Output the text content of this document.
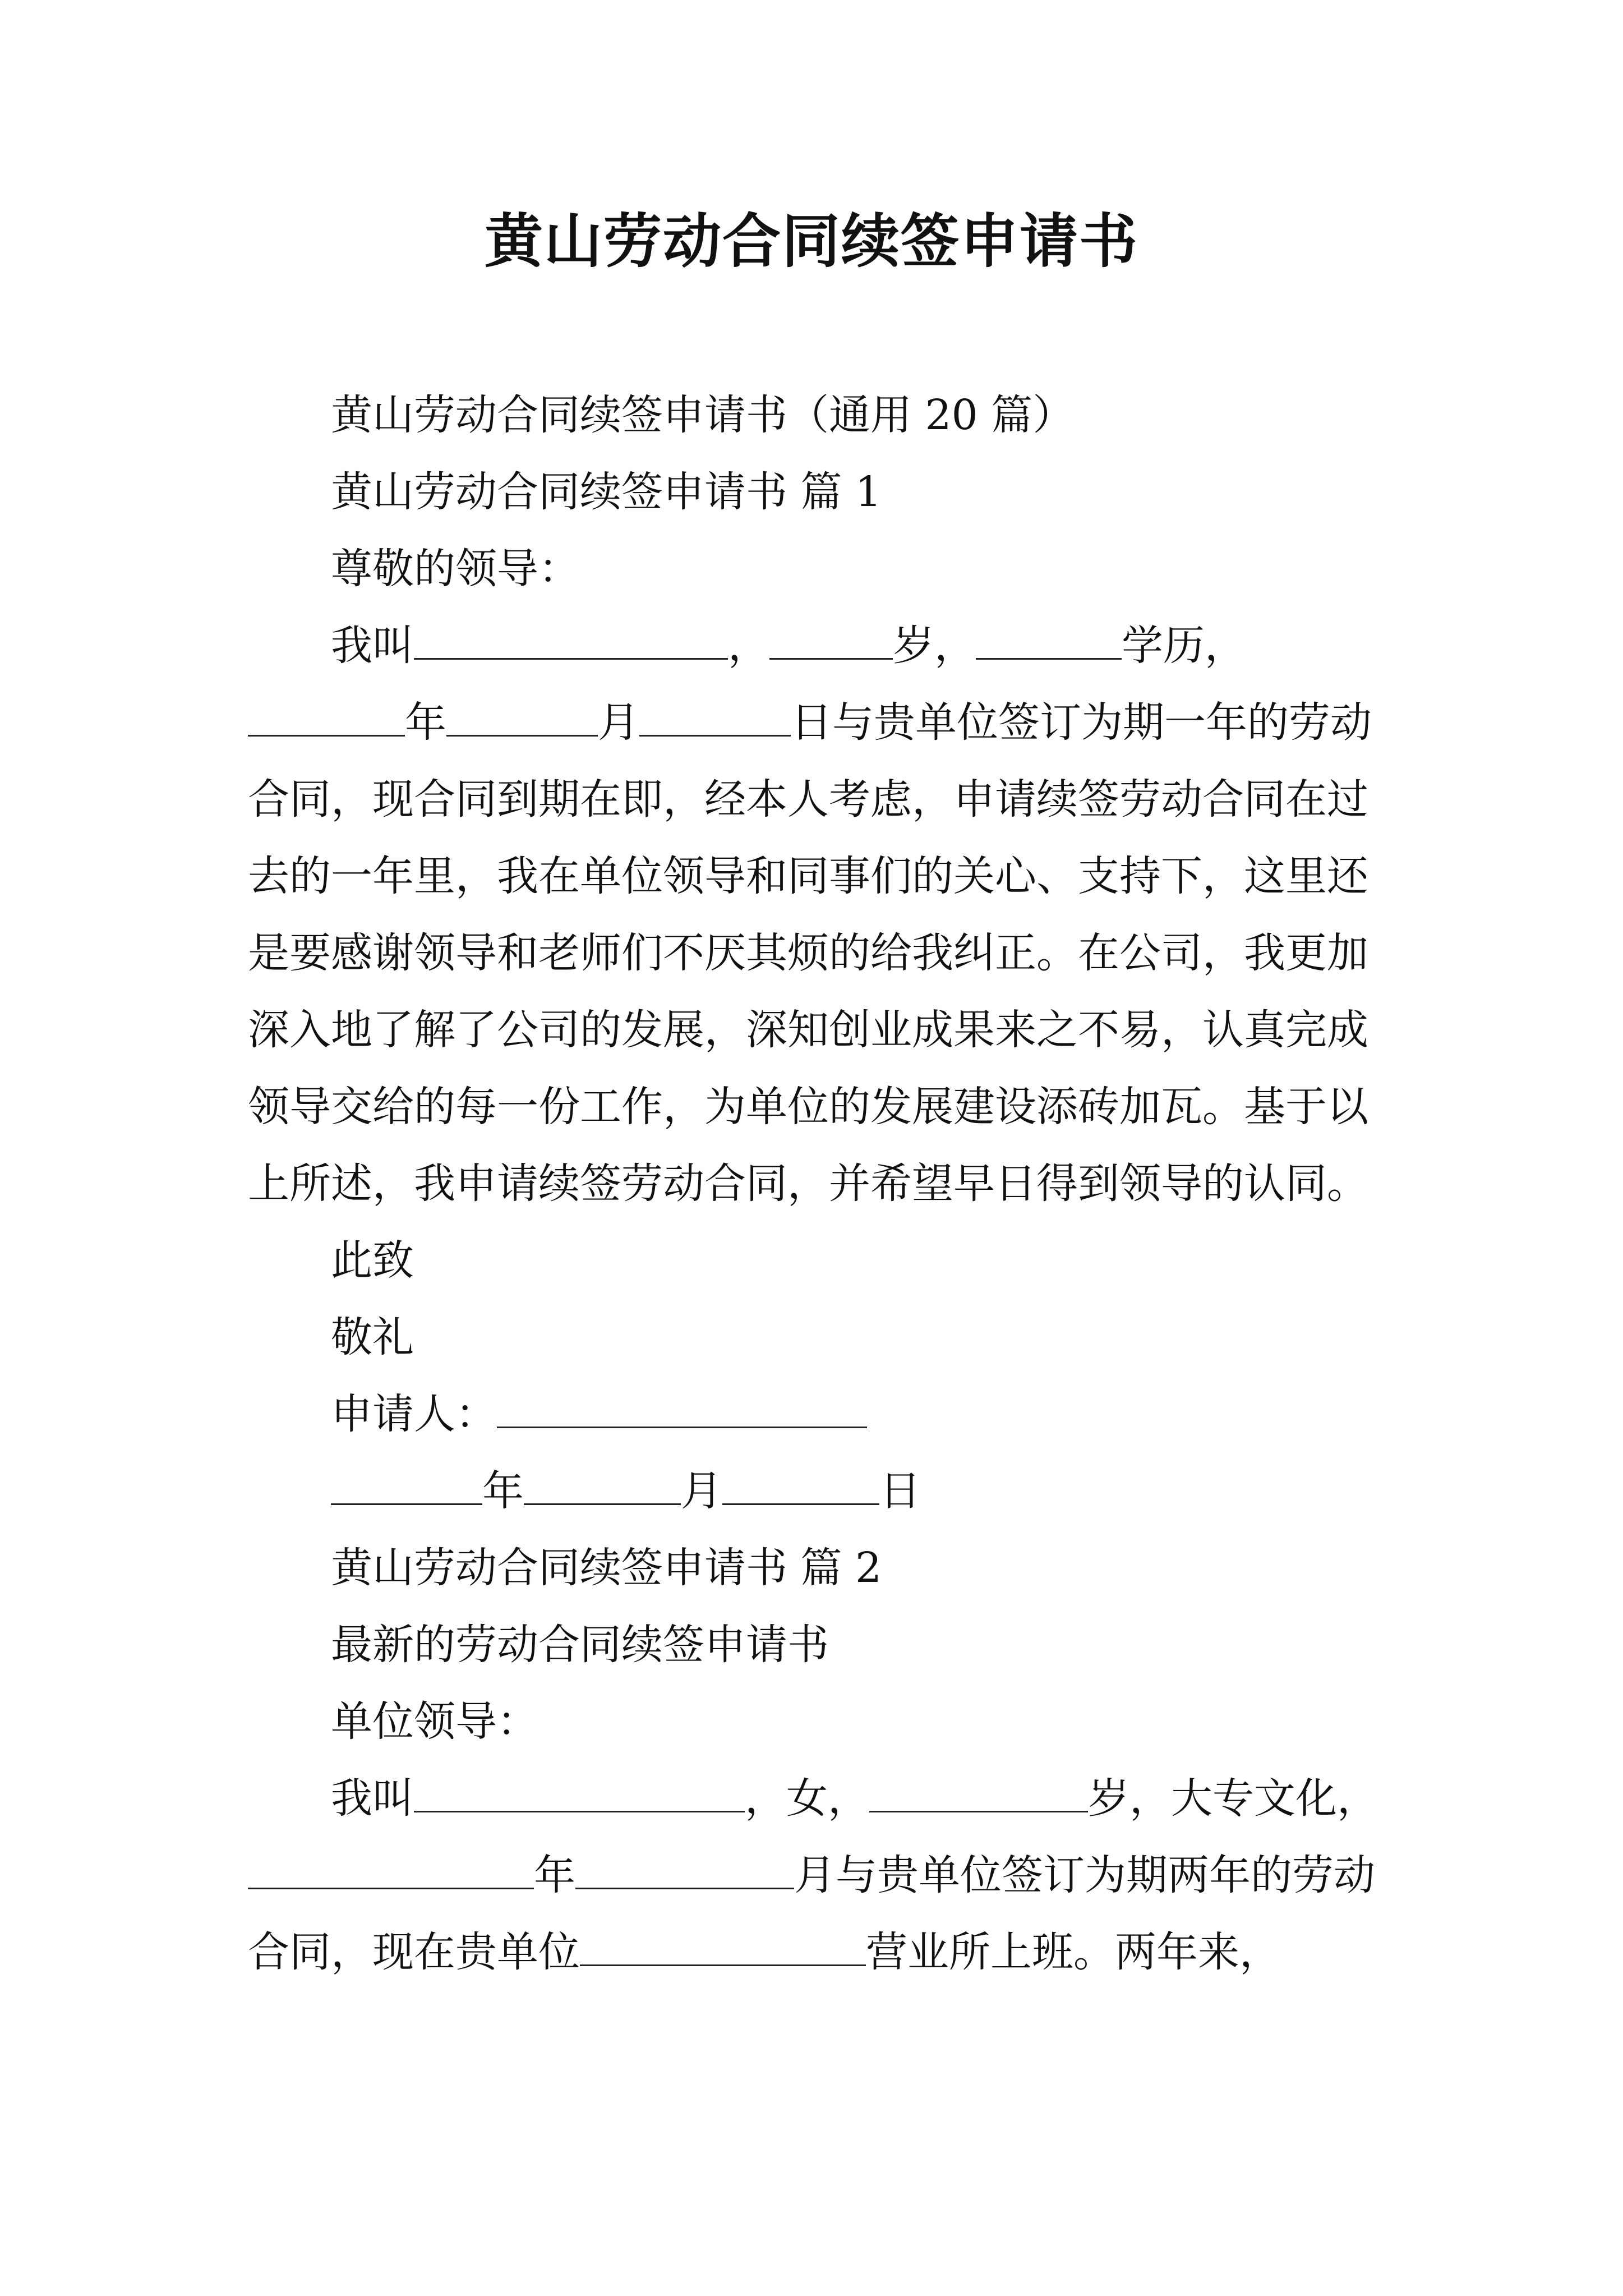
黄山劳动合同续签申请书

黄山劳动合同续签申请书（通用 20 篇）

黄山劳动合同续签申请书 篇 1

尊敬的领导：

我叫	，	岁，	学历，年	月	日与贵单位签订为期一年的劳动合同，现合同到期在即，经本人考虑，申请续签劳动合同在过去的一年里，我在单位领导和同事们的关心、支持下，这里还是要感谢领导和老师们不厌其烦的给我纠正。在公司，我更加深入地了解了公司的发展，深知创业成果来之不易，认真完成领导交给的每一份工作，为单位的发展建设添砖加瓦。基于以上所述，我申请续签劳动合同，并希望早日得到领导的认同。

此致

敬礼

申请人：

年	月	日

黄山劳动合同续签申请书 篇 2

最新的劳动合同续签申请书

单位领导：

我叫	，女，	岁，大专文化，年	月与贵单位签订为期两年的劳动合同，现在贵单位	营业所上班。两年来，
